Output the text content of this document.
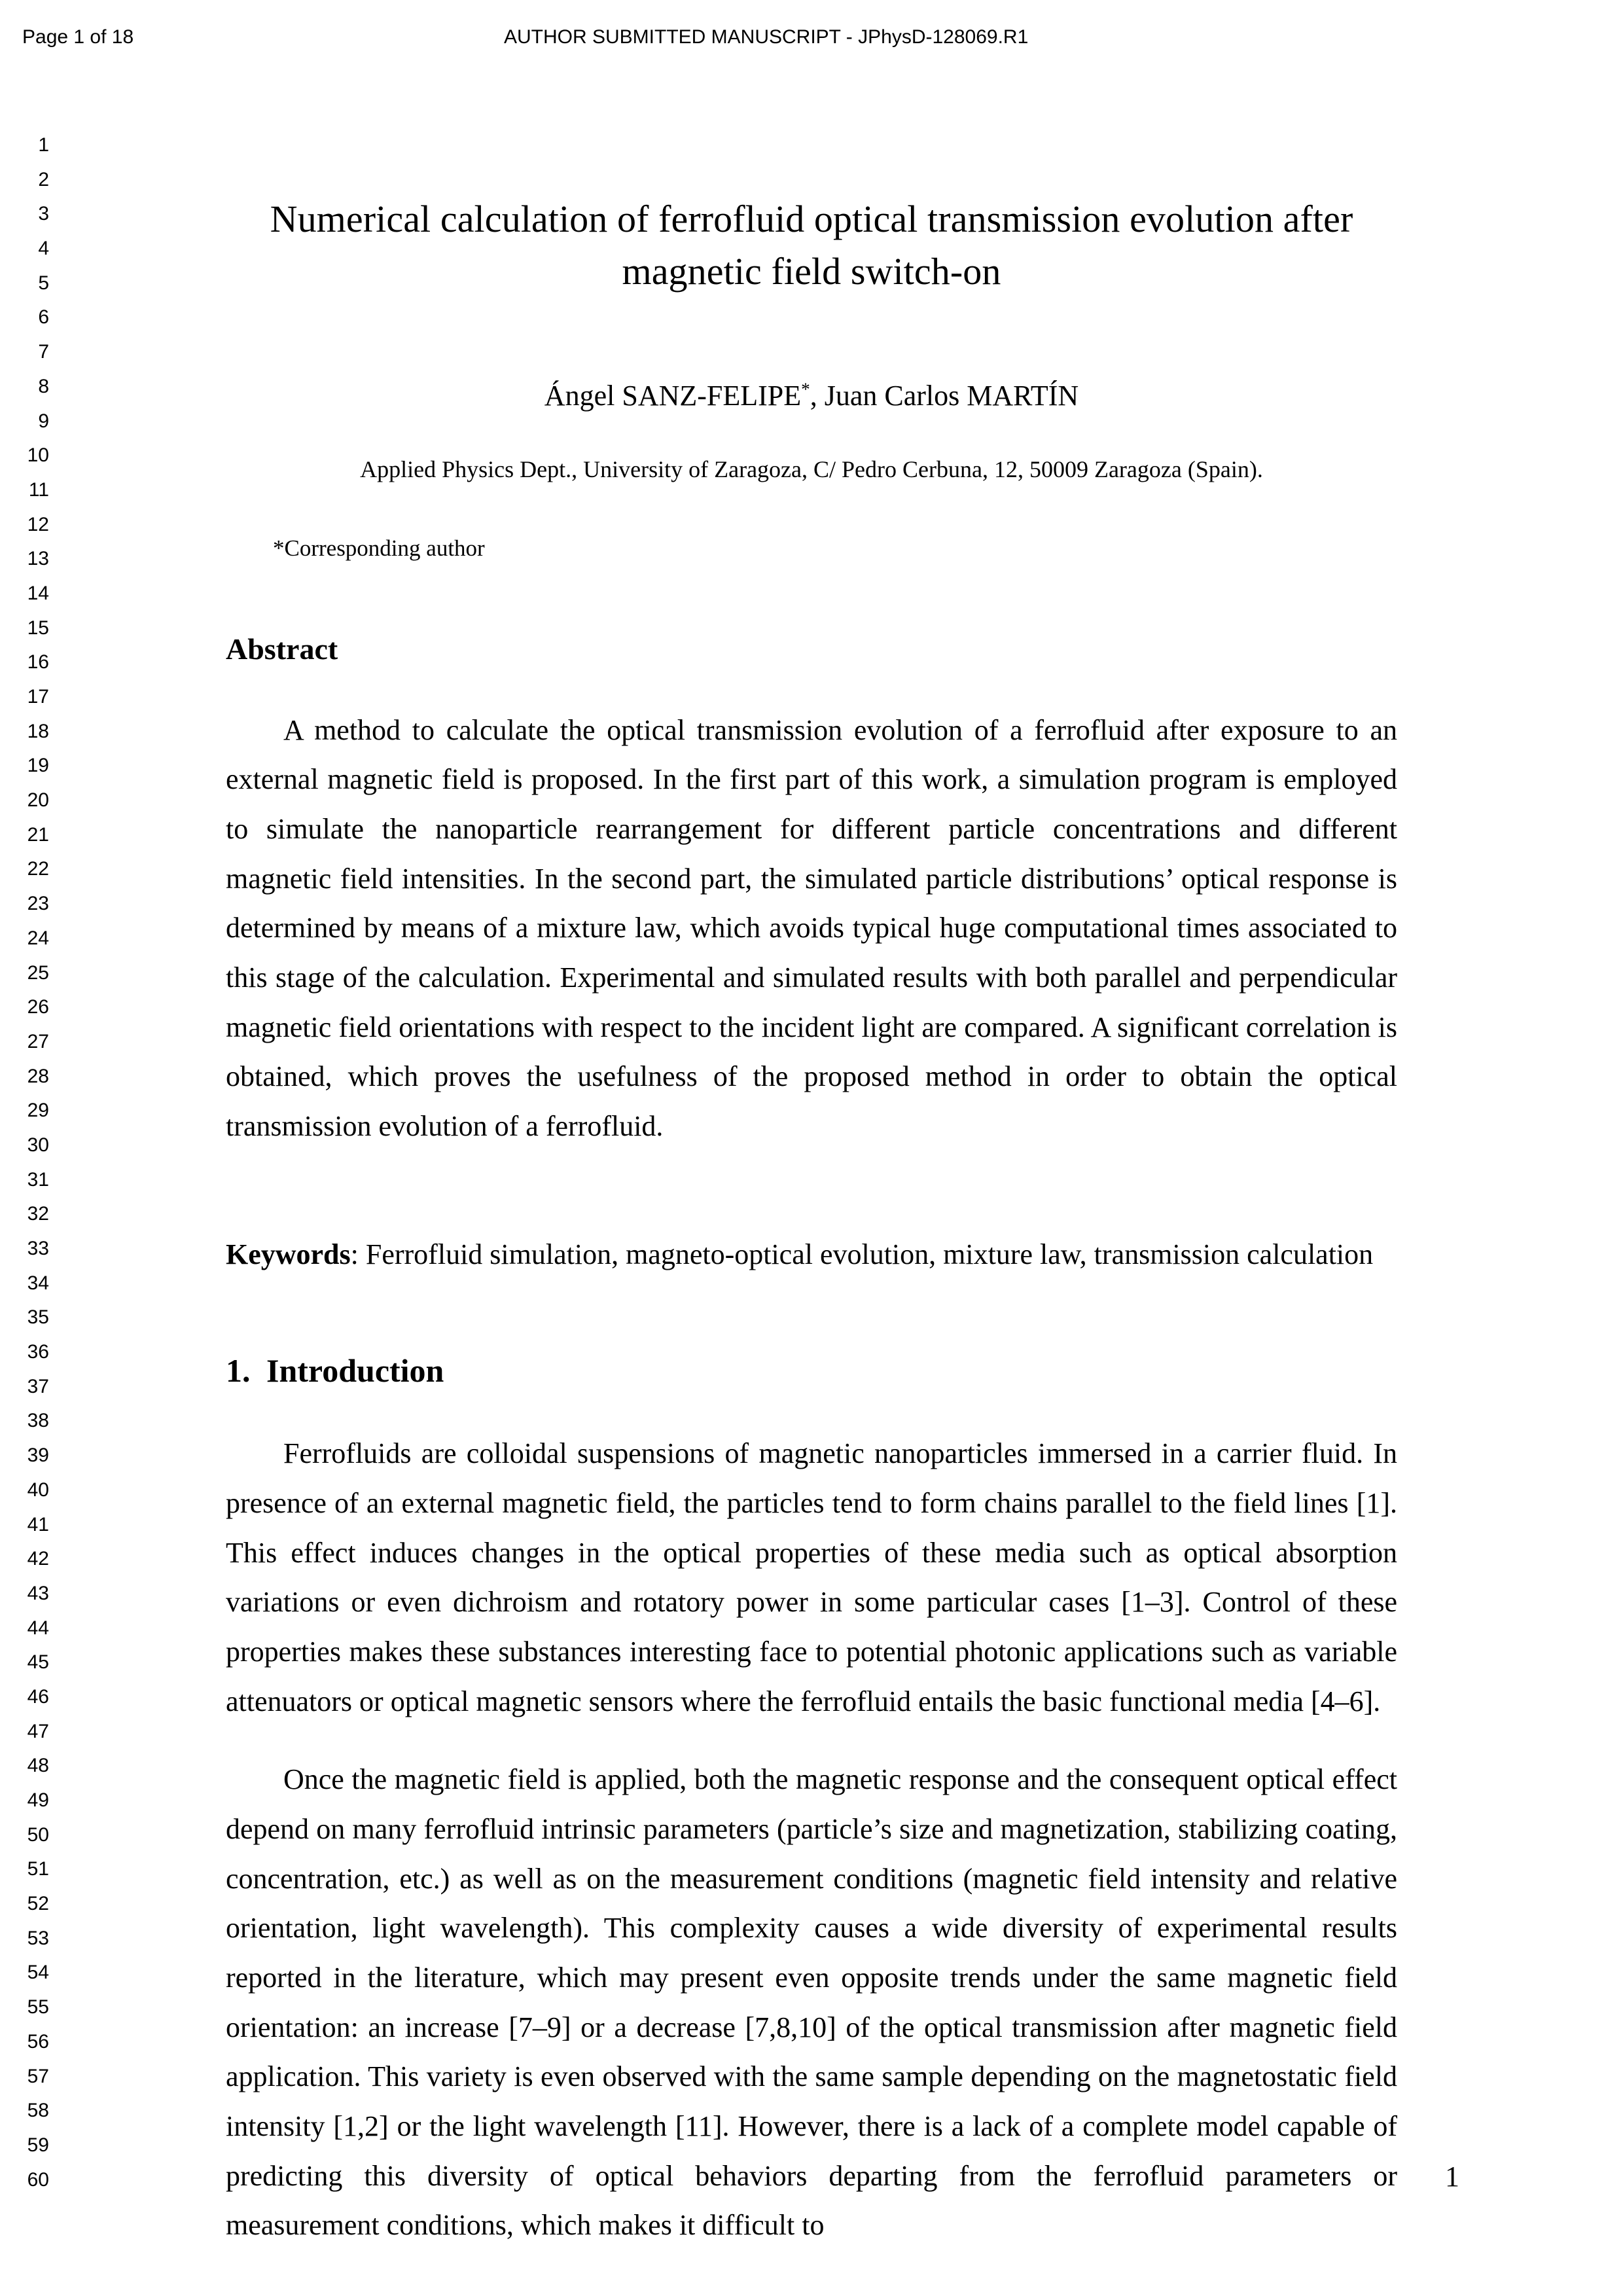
Page 1 of 18	AUTHOR SUBMITTED MANUSCRIPT - JPhysD-128069.R1
1
2
3
4
5
6
7
8
9
10
11
12
13
14
15
16
17
18
19
20
21
22
23
24
25
26
27
28
29
30
31
32
33
34
35
36
37
38
39
40
41
42
43
44
45
46
47
48
49
50
51
52
53
54
55
56
57
58
59
60
Numerical calculation of ferrofluid optical transmission evolution after magnetic field switch-on

Ángel SANZ-FELIPE*, Juan Carlos MARTÍN

Applied Physics Dept., University of Zaragoza, C/ Pedro Cerbuna, 12, 50009 Zaragoza (Spain).

*Corresponding author

Abstract

A method to calculate the optical transmission evolution of a ferrofluid after exposure to an external magnetic field is proposed. In the first part of this work, a simulation program is employed to simulate the nanoparticle rearrangement for different particle concentrations and different magnetic field intensities. In the second part, the simulated particle distributions’ optical response is determined by means of a mixture law, which avoids typical huge computational times associated to this stage of the calculation. Experimental and simulated results with both parallel and perpendicular magnetic field orientations with respect to the incident light are compared. A significant correlation is obtained, which proves the usefulness of the proposed method in order to obtain the optical transmission evolution of a ferrofluid.

Keywords: Ferrofluid simulation, magneto-optical evolution, mixture law, transmission calculation

1. Introduction

Ferrofluids are colloidal suspensions of magnetic nanoparticles immersed in a carrier fluid. In presence of an external magnetic field, the particles tend to form chains parallel to the field lines [1]. This effect induces changes in the optical properties of these media such as optical absorption variations or even dichroism and rotatory power in some particular cases [1–3]. Control of these properties makes these substances interesting face to potential photonic applications such as variable attenuators or optical magnetic sensors where the ferrofluid entails the basic functional media [4–6].

Once the magnetic field is applied, both the magnetic response and the consequent optical effect depend on many ferrofluid intrinsic parameters (particle’s size and magnetization, stabilizing coating, concentration, etc.) as well as on the measurement conditions (magnetic field intensity and relative orientation, light wavelength). This complexity causes a wide diversity of experimental results reported in the literature, which may present even opposite trends under the same magnetic field orientation: an increase [7–9] or a decrease [7,8,10] of the optical transmission after magnetic field application. This variety is even observed with the same sample depending on the magnetostatic field intensity [1,2] or the light wavelength [11]. However, there is a lack of a complete model capable of predicting this diversity of optical behaviors departing from the ferrofluid parameters or measurement conditions, which makes it difficult to

1
